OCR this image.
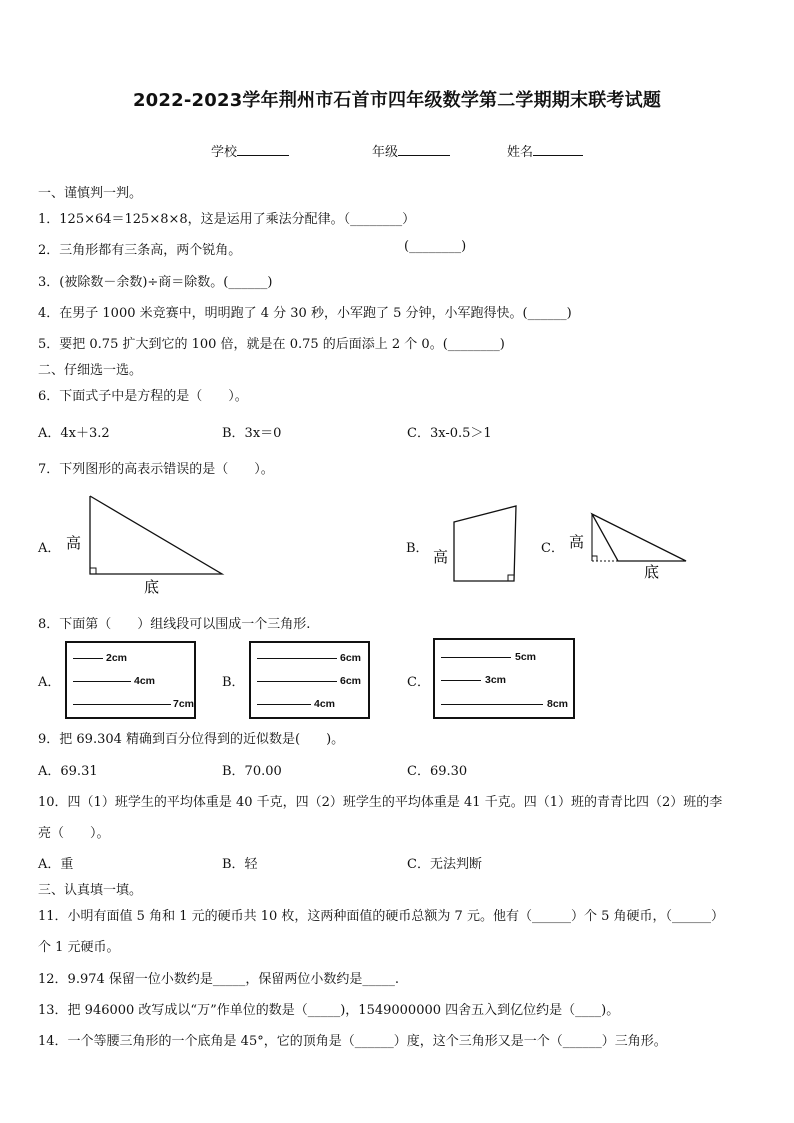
2022-2023学年荆州市石首市四年级数学第二学期期末联考试题
学校	年级	姓名
一、谨慎判一判。
1．125×64＝125×8×8，这是运用了乘法分配律。（________）
2．三角形都有三条高，两个锐角。	(________)
3．(被除数－余数)÷商＝除数。(______)
4．在男子 1000 米竞赛中，明明跑了 4 分 30 秒，小军跑了 5 分钟，小军跑得快。(______)
5．要把 0.75 扩大到它的 100 倍，就是在 0.75 的后面添上 2 个 0。(________)
二、仔细选一选。
6．下面式子中是方程的是（　　）。
A．4x＋3.2	B．3x＝0	C．3x-0.5＞1
7．下列图形的高表示错误的是（　　）。
A．	B．	C．
高
底
高
高
底
8．下面第（　　）组线段可以围成一个三角形.
A．	B．	C．
2cm
4cm
7cm
6cm
6cm
4cm
5cm
3cm
8cm
9．把 69.304 精确到百分位得到的近似数是(　　)。
A．69.31	B．70.00	C．69.30
10．四（1）班学生的平均体重是 40 千克，四（2）班学生的平均体重是 41 千克。四（1）班的青青比四（2）班的李
亮（　　）。
A．重	B．轻	C．无法判断
三、认真填一填。
11．小明有面值 5 角和 1 元的硬币共 10 枚，这两种面值的硬币总额为 7 元。他有（______）个 5 角硬币，（______）
个 1 元硬币。
12．9.974 保留一位小数约是_____，保留两位小数约是_____.
13．把 946000 改写成以“万”作单位的数是（_____)，1549000000 四舍五入到亿位约是（____)。
14．一个等腰三角形的一个底角是 45°，它的顶角是（______）度，这个三角形又是一个（______）三角形。
